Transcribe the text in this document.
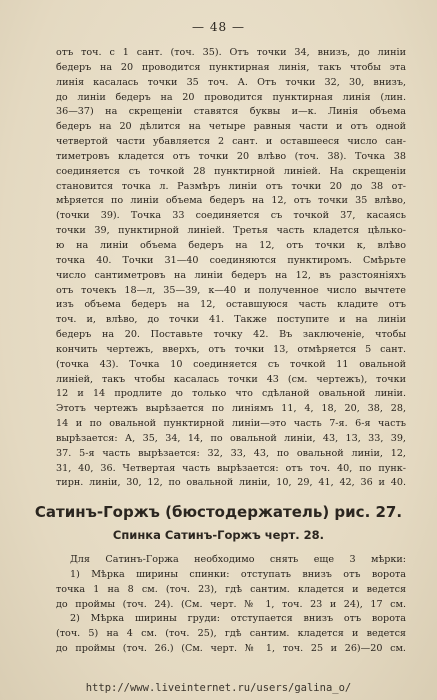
— 48 —
отъ точ. с 1 сант. (точ. 35). Отъ точки 34, внизъ, до линіи
бедеръ на 20 проводится пунктирная линія, такъ чтобы эта
линія касалась точки 35 точ. А. Отъ точки 32, 30, внизъ,
до линіи бедеръ на 20 проводится пунктирная линія (лин.
36—37) на скрещеніи ставятся буквы и—к. Линія объема
бедеръ на 20 дѣлится на четыре равныя части и отъ одной
четвертой части убавляется 2 сант. и оставшееся число сан-
тиметровъ кладется отъ точки 20 влѣво (точ. 38). Точка 38
соединяется съ точкой 28 пунктирной линіей. На скрещеніи
становится точка л. Размѣръ линіи отъ точки 20 до 38 от-
мѣряется по линіи объема бедеръ на 12, отъ точки 35 влѣво,
(точки 39). Точка 33 соединяется съ точкой 37, касаясь
точки 39, пунктирной линіей. Третья часть кладется цѣлько-
ю на линіи объема бедеръ на 12, отъ точки к, влѣво
точка 40. Точки 31—40 соединяются пунктиромъ. Смѣрьте
число сантиметровъ на линіи бедеръ на 12, въ разстояніяхъ
отъ точекъ 18—л, 35—39, к—40 и полученное число вычтете
изъ объема бедеръ на 12, оставшуюся часть кладите отъ
точ. и, влѣво, до точки 41. Также поступите и на линіи
бедеръ на 20. Поставьте точку 42. Въ заключеніе, чтобы
кончить чертежъ, вверхъ, отъ точки 13, отмѣряется 5 сант.
(точка 43). Точка 10 соединяется съ точкой 11 овальной
линіей, такъ чтобы касалась точки 43 (см. чертежъ), точки
12 и 14 продлите до только что сдѣланой овальной линіи.
Этотъ чертежъ вырѣзается по линіямъ 11, 4, 18, 20, 38, 28,
14 и по овальной пунктирной линіи—это часть 7-я. 6-я часть
вырѣзается: А, 35, 34, 14, по овальной линіи, 43, 13, 33, 39,
37. 5-я часть вырѣзается: 32, 33, 43, по овальной линіи, 12,
31, 40, 36. Четвертая часть вырѣзается: отъ точ. 40, по пунк-
тирн. линіи, 30, 12, по овальной линіи, 10, 29, 41, 42, 36 и 40.
Сатинъ-Горжъ (бюстодержатель) рис. 27.
Спинка Сатинъ-Горжъ черт. 28.
Для Сатинъ-Горжа необходимо снять еще 3 мѣрки:
1) Мѣрка ширины спинки: отступать внизъ отъ ворота
точка 1 на 8 см. (точ. 23), гдѣ сантим. кладется и ведется
до проймы (точ. 24). (См. черт. № 1, точ. 23 и 24), 17 см.
2) Мѣрка ширины груди: отступается внизъ отъ ворота
(точ. 5) на 4 см. (точ. 25), гдѣ сантим. кладется и ведется
до проймы (точ. 26.) (См. черт. № 1, точ. 25 и 26)—20 см.
http://www.liveinternet.ru/users/galina_o/
